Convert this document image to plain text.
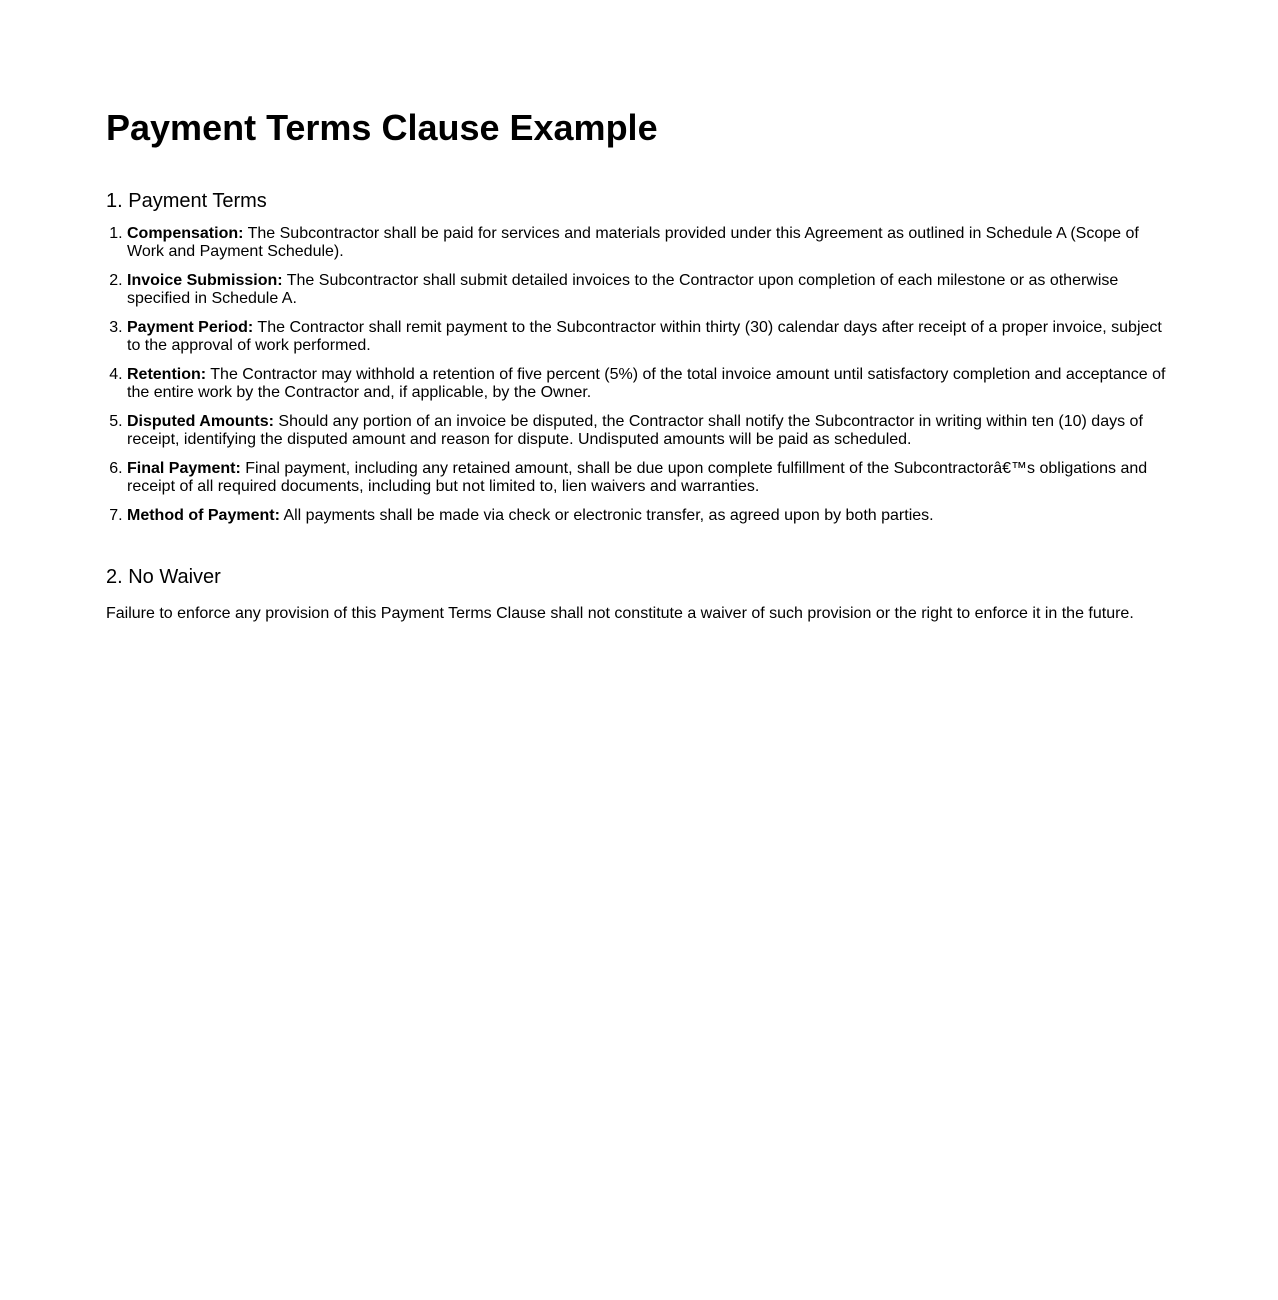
Payment Terms Clause Example
1. Payment Terms
1. Compensation: The Subcontractor shall be paid for services and materials provided under this Agreement as outlined in Schedule A (Scope of Work and Payment Schedule).
2. Invoice Submission: The Subcontractor shall submit detailed invoices to the Contractor upon completion of each milestone or as otherwise specified in Schedule A.
3. Payment Period: The Contractor shall remit payment to the Subcontractor within thirty (30) calendar days after receipt of a proper invoice, subject to the approval of work performed.
4. Retention: The Contractor may withhold a retention of five percent (5%) of the total invoice amount until satisfactory completion and acceptance of the entire work by the Contractor and, if applicable, by the Owner.
5. Disputed Amounts: Should any portion of an invoice be disputed, the Contractor shall notify the Subcontractor in writing within ten (10) days of receipt, identifying the disputed amount and reason for dispute. Undisputed amounts will be paid as scheduled.
6. Final Payment: Final payment, including any retained amount, shall be due upon complete fulfillment of the Subcontractorâ€™s obligations and receipt of all required documents, including but not limited to, lien waivers and warranties.
7. Method of Payment: All payments shall be made via check or electronic transfer, as agreed upon by both parties.
2. No Waiver

Failure to enforce any provision of this Payment Terms Clause shall not constitute a waiver of such provision or the right to enforce it in the future.
